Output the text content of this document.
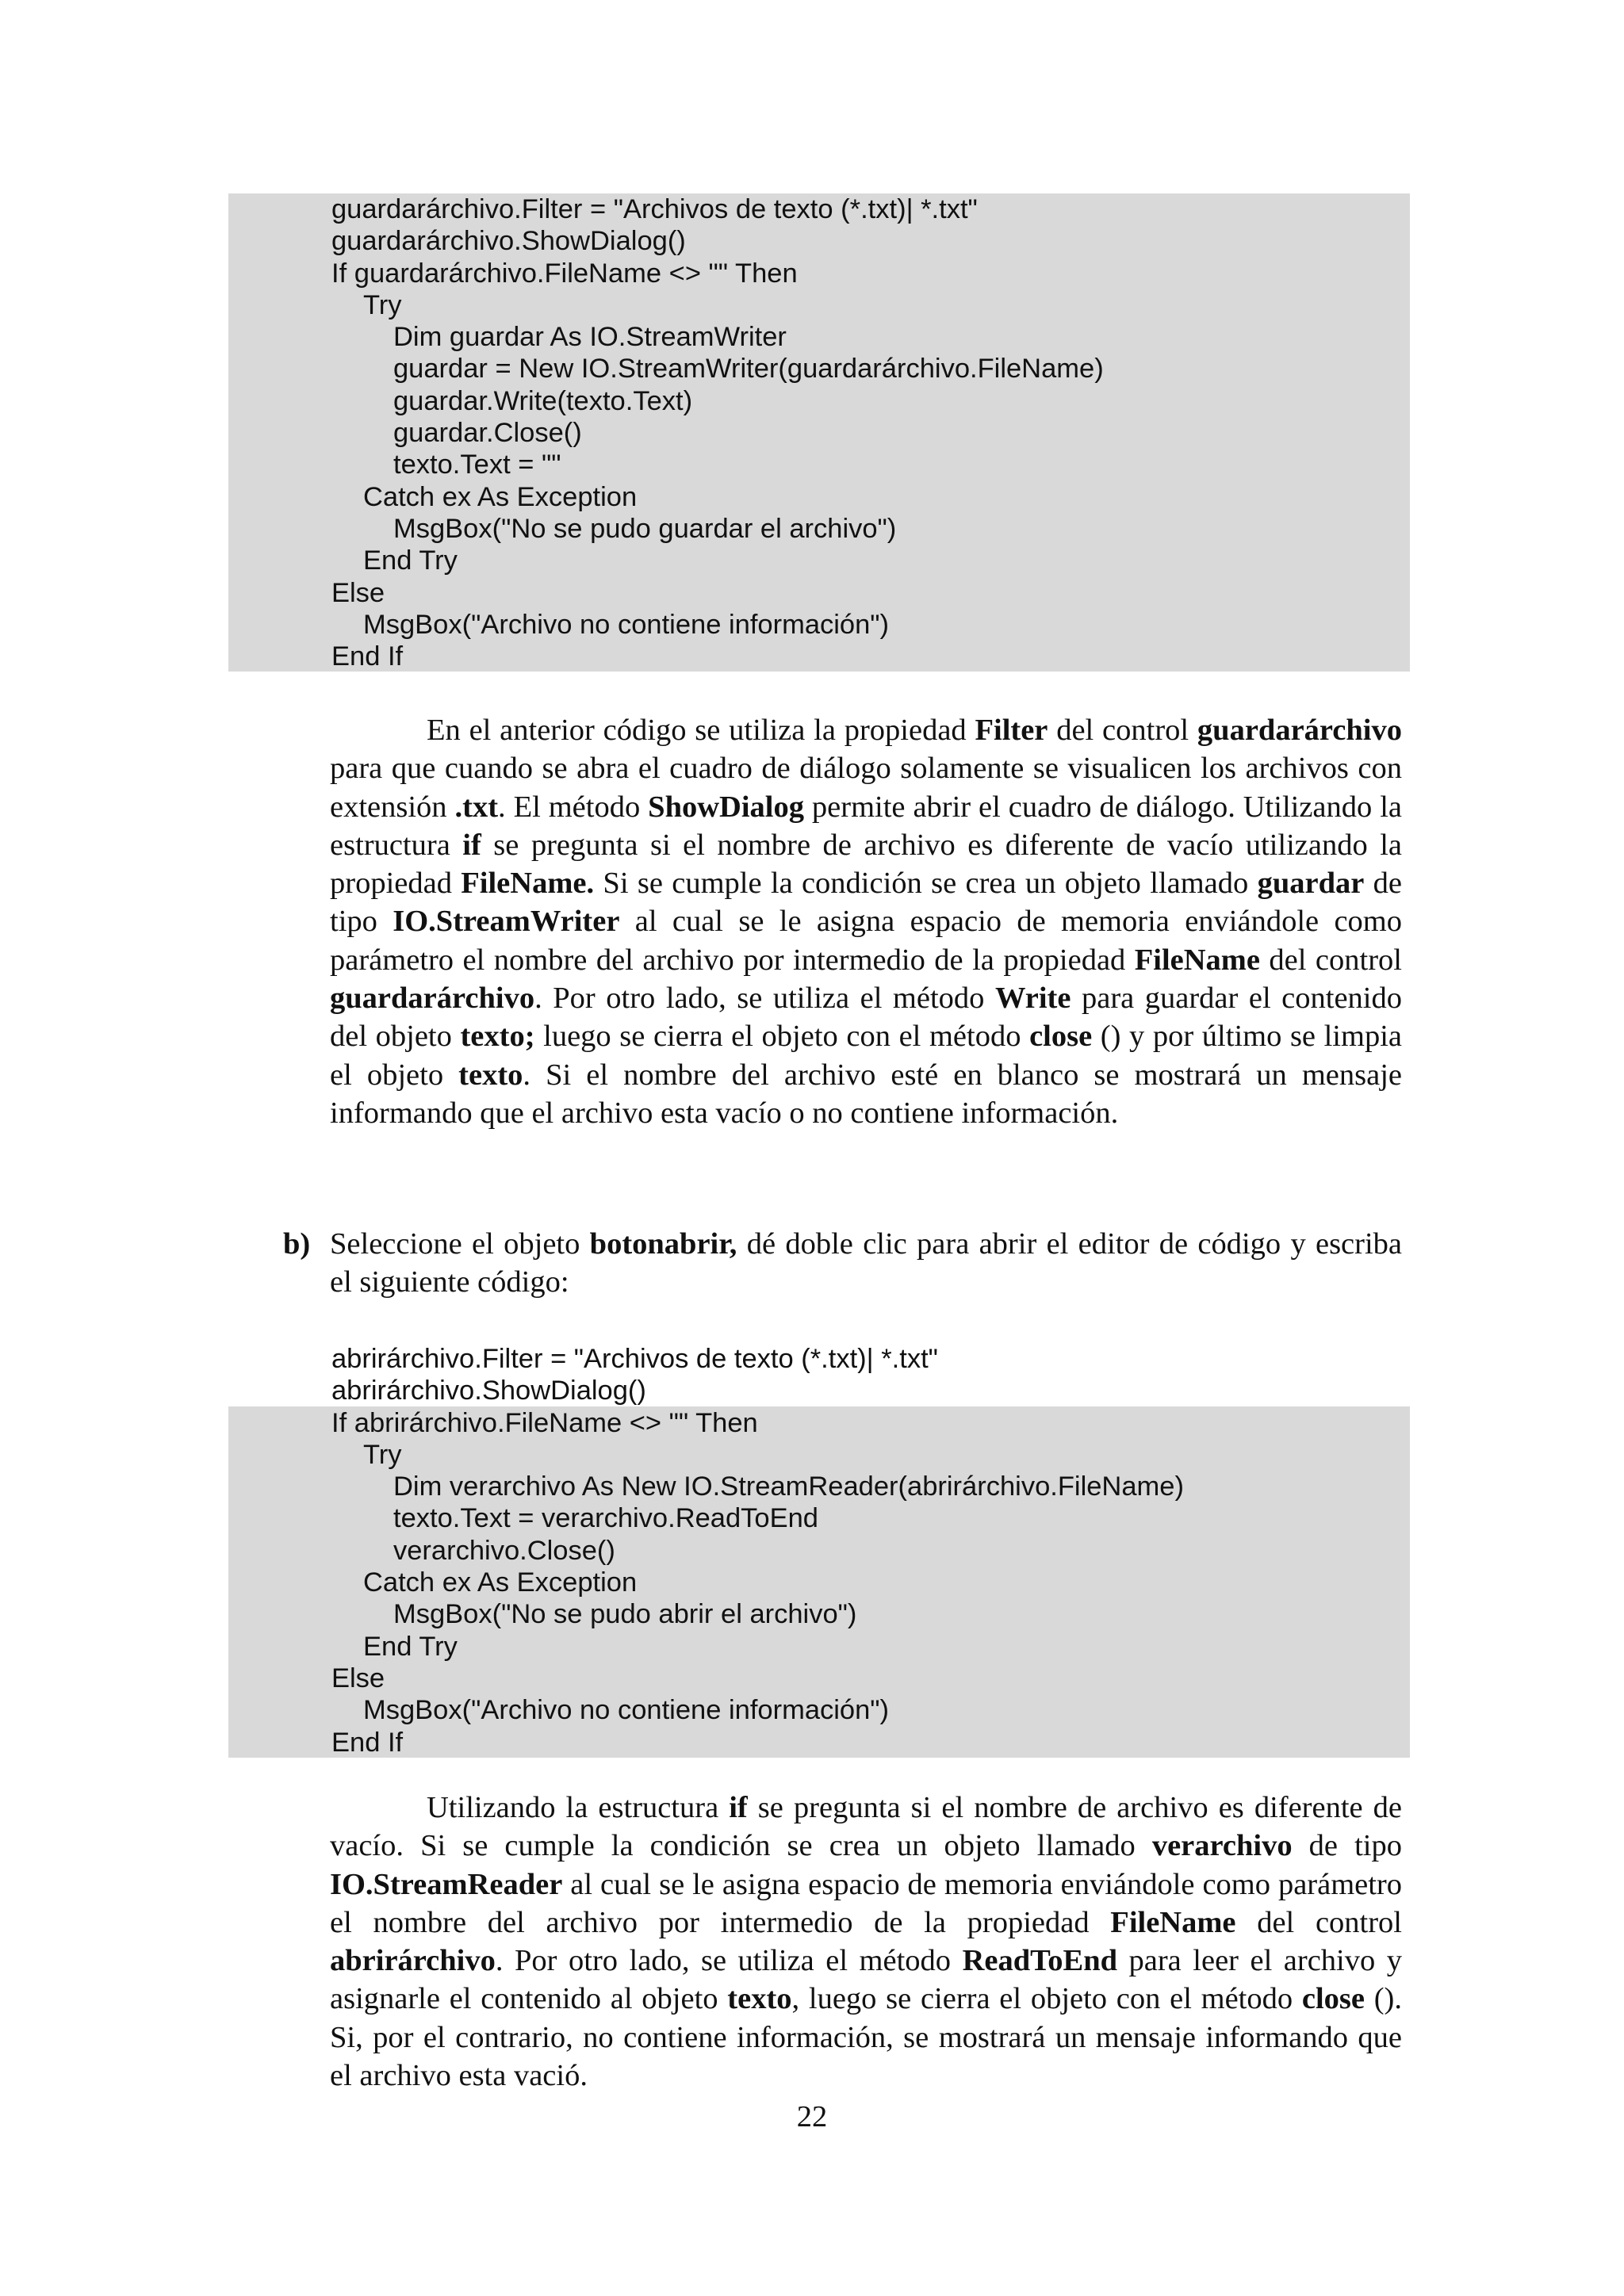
guardarárchivo.Filter = "Archivos de texto (*.txt)| *.txt"
guardarárchivo.ShowDialog()
If guardarárchivo.FileName <> "" Then
Try
Dim guardar As IO.StreamWriter
guardar = New IO.StreamWriter(guardarárchivo.FileName)
guardar.Write(texto.Text)
guardar.Close()
texto.Text = ""
Catch ex As Exception
MsgBox("No se pudo guardar el archivo")
End Try
Else
MsgBox("Archivo no contiene información")
End If
En el anterior código se utiliza la propiedad Filter del control guardarárchivo para que cuando se abra el cuadro de diálogo solamente se visualicen los archivos con extensión .txt. El método ShowDialog permite abrir el cuadro de diálogo. Utilizando la estructura if se pregunta si el nombre de archivo es diferente de vacío utilizando la propiedad FileName. Si se cumple la condición se crea un objeto llamado guardar de tipo IO.StreamWriter al cual se le asigna espacio de memoria enviándole como parámetro el nombre del archivo por intermedio de la propiedad FileName del control guardarárchivo. Por otro lado, se utiliza el método Write para guardar el contenido del objeto texto; luego se cierra el objeto con el método close () y por último se limpia el objeto texto. Si el nombre del archivo esté en blanco se mostrará un mensaje informando que el archivo esta vacío o no contiene información.
b) Seleccione el objeto botonabrir, dé doble clic para abrir el editor de código y escriba el siguiente código:
abrirárchivo.Filter = "Archivos de texto (*.txt)| *.txt"
abrirárchivo.ShowDialog()
If abrirárchivo.FileName <> "" Then
Try
Dim verarchivo As New IO.StreamReader(abrirárchivo.FileName)
texto.Text = verarchivo.ReadToEnd
verarchivo.Close()
Catch ex As Exception
MsgBox("No se pudo abrir el archivo")
End Try
Else
MsgBox("Archivo no contiene información")
End If
Utilizando la estructura if se pregunta si el nombre de archivo es diferente de vacío. Si se cumple la condición se crea un objeto llamado verarchivo de tipo IO.StreamReader al cual se le asigna espacio de memoria enviándole como parámetro el nombre del archivo por intermedio de la propiedad FileName del control abrirárchivo. Por otro lado, se utiliza el método ReadToEnd para leer el archivo y asignarle el contenido al objeto texto, luego se cierra el objeto con el método close (). Si, por el contrario, no contiene información, se mostrará un mensaje informando que el archivo esta vació.
22
